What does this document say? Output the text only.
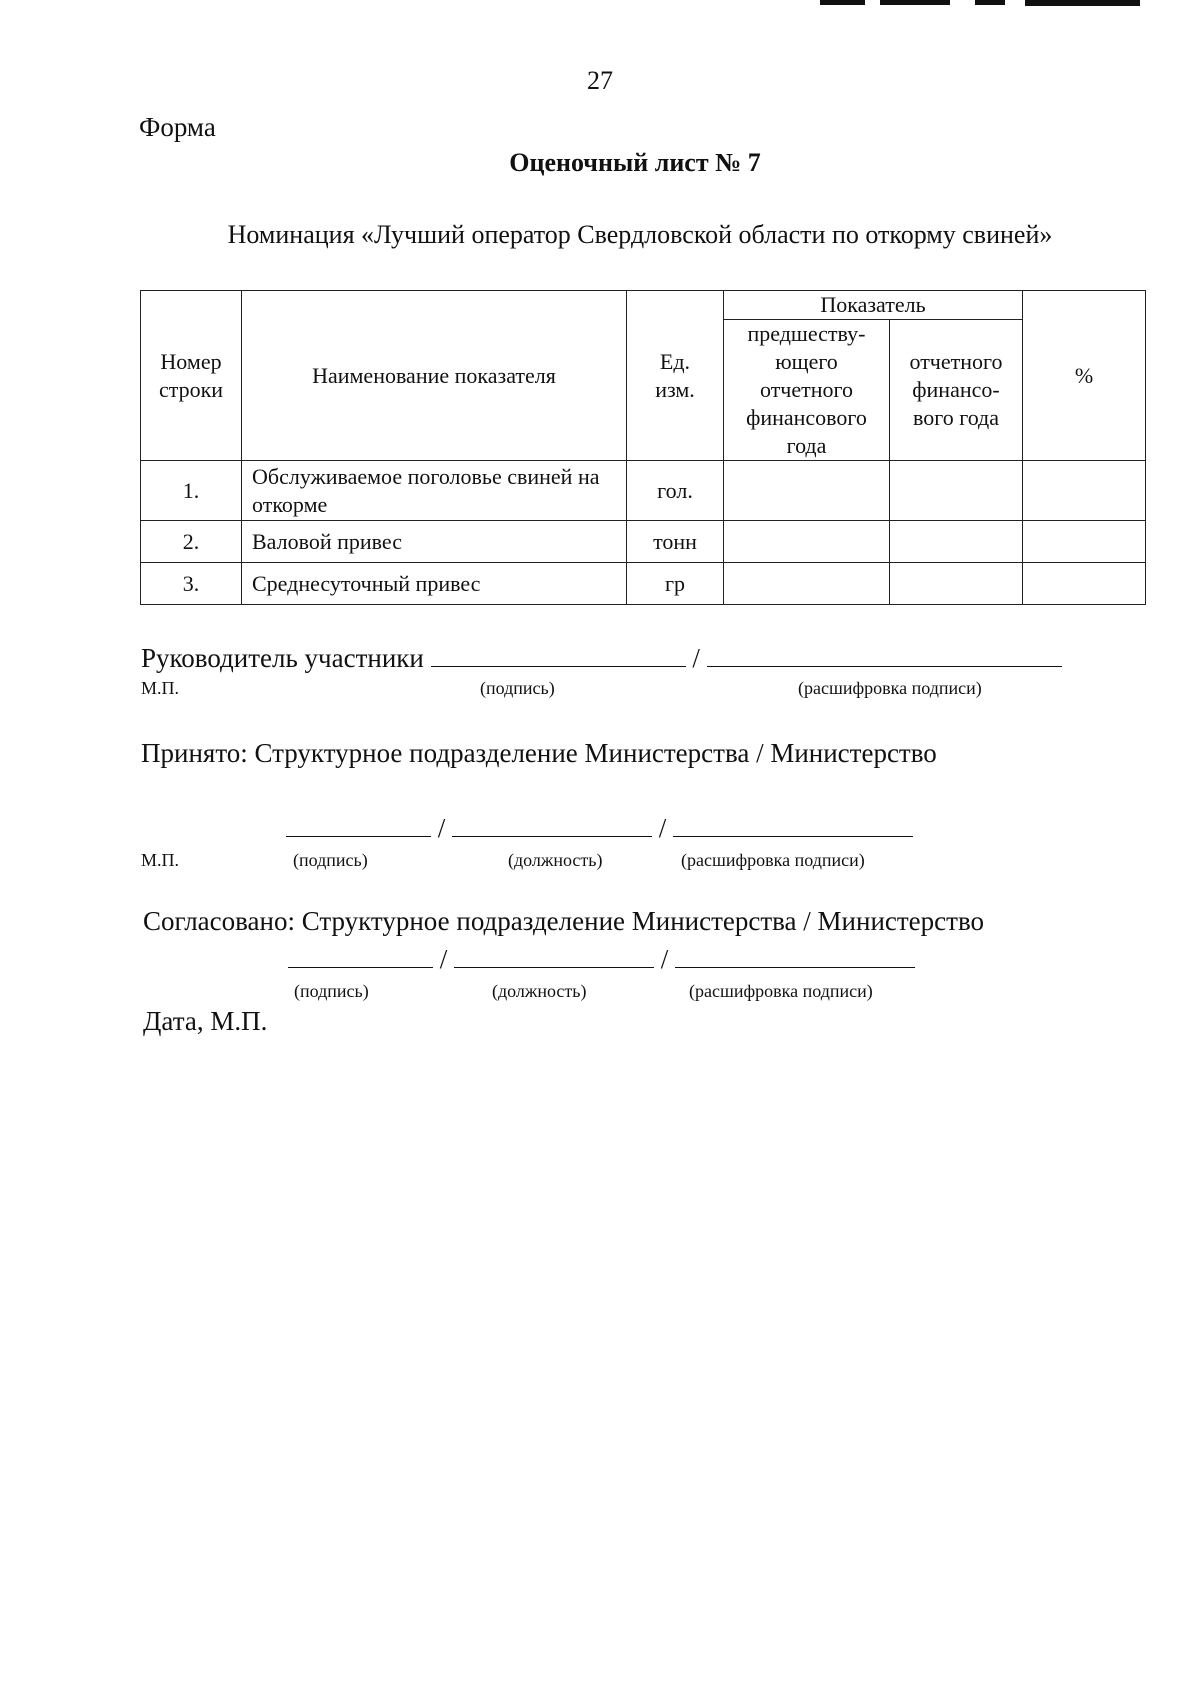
27
Форма
Оценочный лист № 7
Номинация «Лучший оператор Свердловской области по откорму свиней»
Номер строки	Наименование показателя	Ед. изм.	Показатель		%
			предшеству-ющего отчетного финансового года	отчетного финансо-вого года	
1.	Обслуживаемое поголовье свиней на откорме	гол.			
2.	Валовой привес	тонн			
3.	Среднесуточный привес	гр			
Руководитель участники	/
М.П.	(подпись)	(расшифровка подписи)
Принято: Структурное подразделение Министерства / Министерство
/	/
М.П.	(подпись)	(должность)	(расшифровка подписи)
Согласовано: Структурное подразделение Министерства / Министерство
/	/
(подпись)	(должность)	(расшифровка подписи)
Дата, М.П.
